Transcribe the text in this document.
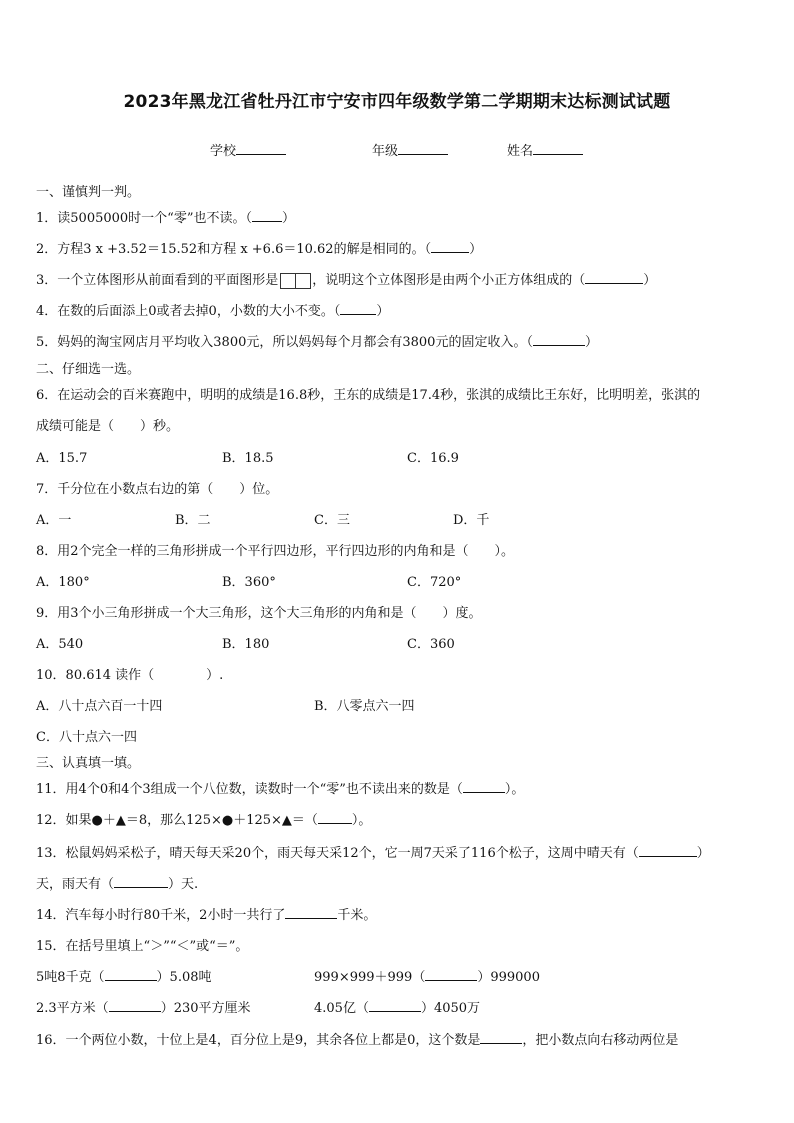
2023年黑龙江省牡丹江市宁安市四年级数学第二学期期末达标测试试题
学校	年级	姓名
一、谨慎判一判。
1．读5005000时一个“零”也不读。（ ）
2．方程3 x +3.52＝15.52和方程 x +6.6＝10.62的解是相同的。（	）
3．一个立体图形从前面看到的平面图形是	，说明这个立体图形是由两个小正方体组成的（	）
4．在数的后面添上0或者去掉0，小数的大小不变。（	）
5．妈妈的淘宝网店月平均收入3800元，所以妈妈每个月都会有3800元的固定收入。（	）
二、仔细选一选。
6．在运动会的百米赛跑中，明明的成绩是16.8秒，王东的成绩是17.4秒，张淇的成绩比王东好，比明明差，张淇的
成绩可能是（　　）秒。
A．15.7	B．18.5	C．16.9
7．千分位在小数点右边的第（　　）位。
A．一	B．二	C．三	D．千
8．用2个完全一样的三角形拼成一个平行四边形，平行四边形的内角和是（　　）。
A．180°	B．360°	C．720°
9．用3个小三角形拼成一个大三角形，这个大三角形的内角和是（　　）度。
A．540	B．180	C．360
10．80.614 读作（　　　　）.
A．八十点六百一十四	B．八零点六一四
C．八十点六一四
三、认真填一填。
11．用4个0和4个3组成一个八位数，读数时一个“零”也不读出来的数是（	）。
12．如果●＋▲＝8，那么125×●＋125×▲＝（	）。
13．松鼠妈妈采松子，晴天每天采20个，雨天每天采12个，它一周7天采了116个松子，这周中晴天有（	）
天，雨天有（	）天.
14．汽车每小时行80千米，2小时一共行了	千米。
15．在括号里填上“＞”“＜”或“＝”。
5吨8千克（	）5.08吨	999×999＋999（	）999000
2.3平方米（	）230平方厘米	4.05亿（	）4050万
16．一个两位小数，十位上是4，百分位上是9，其余各位上都是0，这个数是	，把小数点向右移动两位是
